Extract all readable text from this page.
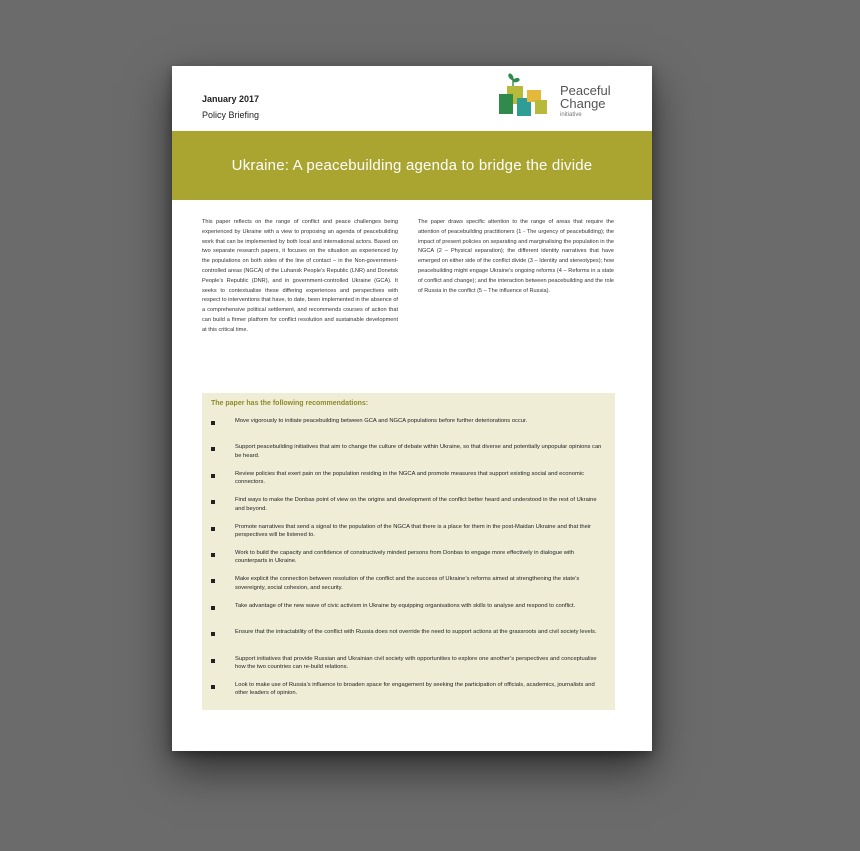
January 2017
Policy Briefing
Peaceful
Change
initiative
Ukraine: A peacebuilding agenda to bridge the divide
This paper reflects on the range of conflict and peace challenges being experienced by Ukraine with a view to proposing an agenda of peacebuilding work that can be implemented by both local and international actors. Based on two separate research papers, it focuses on the situation as experienced by the populations on both sides of the line of contact – in the Non-government-controlled areas (NGCA) of the Luhansk People’s Republic (LNR) and Donetsk People’s Republic (DNR), and in government-controlled Ukraine (GCA). It seeks to contextualise these differing experiences and perspectives with respect to interventions that have, to date, been implemented in the absence of a comprehensive political settlement, and recommends courses of action that can build a firmer platform for conflict resolution and sustainable development at this critical time.
The paper draws specific attention to the range of areas that require the attention of peacebuilding practitioners (1 - The urgency of peacebuilding); the impact of present policies on separating and marginalising the population in the NGCA (2 – Physical separation); the different identity narratives that have emerged on either side of the conflict divide (3 – Identity and stereotypes); how peacebuilding might engage Ukraine’s ongoing reforms (4 – Reforms in a state of conflict and change); and the interaction between peacebuilding and the role of Russia in the conflict (5 – The influence of Russia).
The paper has the following recommendations:
Move vigorously to initiate peacebuilding between GCA and NGCA populations before further deteriorations occur.
Support peacebuilding initiatives that aim to change the culture of debate within Ukraine, so that diverse and potentially unpopular opinions can be heard.
Review policies that exert pain on the population residing in the NGCA and promote measures that support existing social and economic connectors.
Find ways to make the Donbas point of view on the origins and development of the conflict better heard and understood in the rest of Ukraine and beyond.
Promote narratives that send a signal to the population of the NGCA that there is a place for them in the post-Maidan Ukraine and that their perspectives will be listened to.
Work to build the capacity and confidence of constructively minded persons from Donbas to engage more effectively in dialogue with counterparts in Ukraine.
Make explicit the connection between resolution of the conflict and the success of Ukraine’s reforms aimed at strengthening the state’s sovereignty, social cohesion, and security.
Take advantage of the new wave of civic activism in Ukraine by equipping organisations with skills to analyse and respond to conflict.
Ensure that the intractability of the conflict with Russia does not override the need to support actions at the grassroots and civil society levels.
Support initiatives that provide Russian and Ukrainian civil society with opportunities to explore one another’s perspectives and conceptualise how the two countries can re-build relations.
Look to make use of Russia’s influence to broaden space for engagement by seeking the participation of officials, academics, journalists and other leaders of opinion.
